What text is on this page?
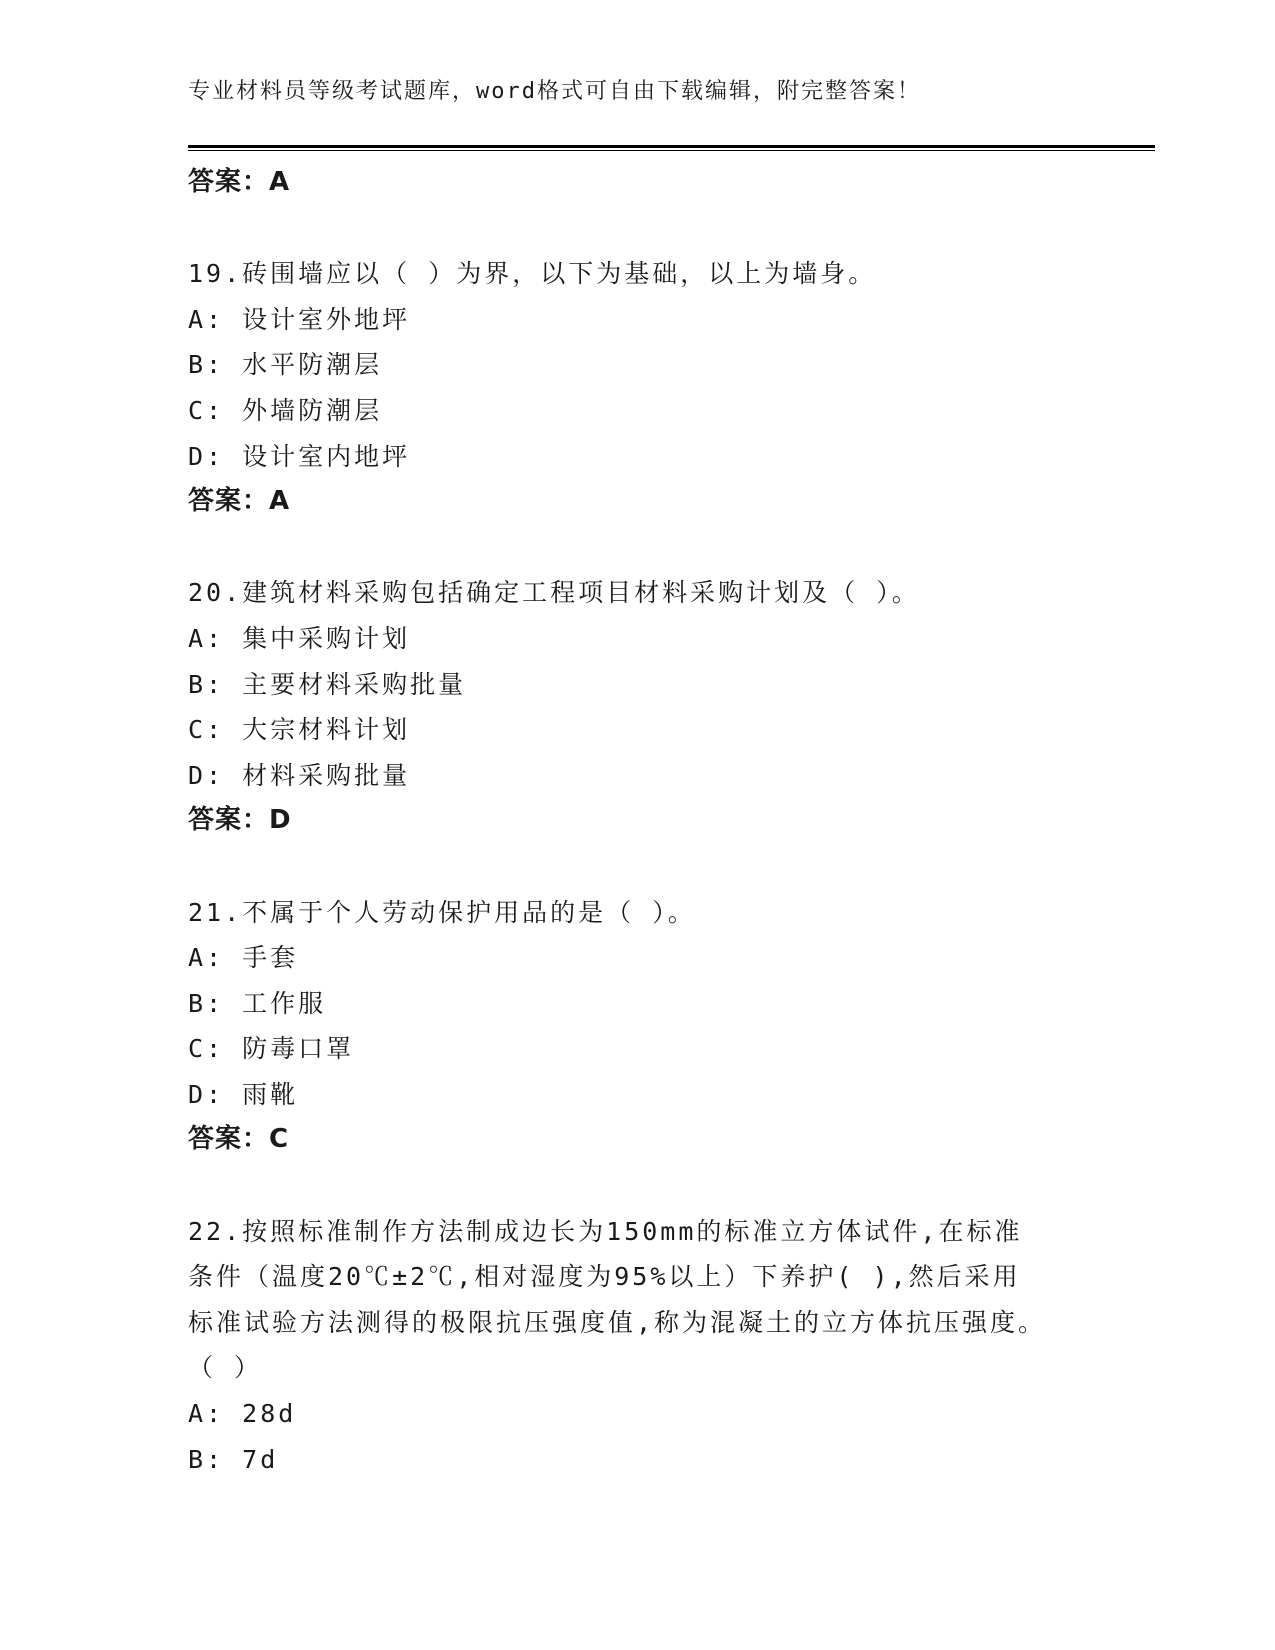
专业材料员等级考试题库，word格式可自由下载编辑，附完整答案！
答案：A
19.砖围墙应以（ ）为界，以下为基础，以上为墙身。
A: 设计室外地坪
B: 水平防潮层
C: 外墙防潮层
D: 设计室内地坪
答案：A
20.建筑材料采购包括确定工程项目材料采购计划及（ ）。
A: 集中采购计划
B: 主要材料采购批量
C: 大宗材料计划
D: 材料采购批量
答案：D
21.不属于个人劳动保护用品的是（ ）。
A: 手套
B: 工作服
C: 防毒口罩
D: 雨靴
答案：C
22.按照标准制作方法制成边长为150mm的标准立方体试件,在标准条件（温度20℃±2℃,相对湿度为95%以上）下养护( ),然后采用标准试验方法测得的极限抗压强度值,称为混凝土的立方体抗压强度。（ ）
A: 28d
B: 7d
